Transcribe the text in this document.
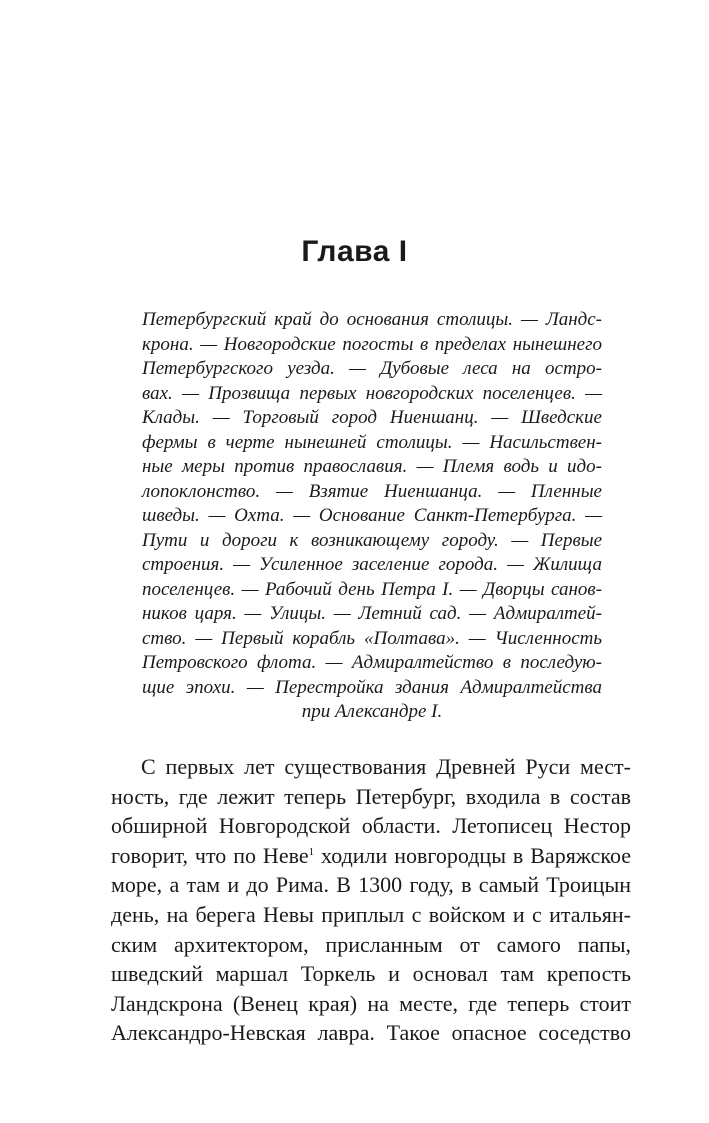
Глава I
Петербургский край до основания столицы. — Ландс-
крона. — Новгородские погосты в пределах нынешнего
Петербургского уезда. — Дубовые леса на остро-
вах. — Прозвища первых новгородских поселенцев. —
Клады. — Торговый город Ниеншанц. — Шведские
фермы в черте нынешней столицы. — Насильствен-
ные меры против православия. — Племя водь и идо-
лопоклонство. — Взятие Ниеншанца. — Пленные
шведы. — Охта. — Основание Санкт-Петербурга. —
Пути и дороги к возникающему городу. — Первые
строения. — Усиленное заселение города. — Жилища
поселенцев. — Рабочий день Петра I. — Дворцы санов-
ников царя. — Улицы. — Летний сад. — Адмиралтей-
ство. — Первый корабль «Полтава». — Численность
Петровского флота. — Адмиралтейство в последую-
щие эпохи. — Перестройка здания Адмиралтейства
при Александре I.
С первых лет существования Древней Руси мест-
ность, где лежит теперь Петербург, входила в состав
обширной Новгородской области. Летописец Нестор
говорит, что по Неве$^1$ ходили новгородцы в Варяжское
море, а там и до Рима. В 1300 году, в самый Троицын
день, на берега Невы приплыл с войском и с итальян-
ским архитектором, присланным от самого папы,
шведский маршал Торкель и основал там крепость
Ландскрона (Венец края) на месте, где теперь стоит
Александро-Невская лавра. Такое опасное соседство
